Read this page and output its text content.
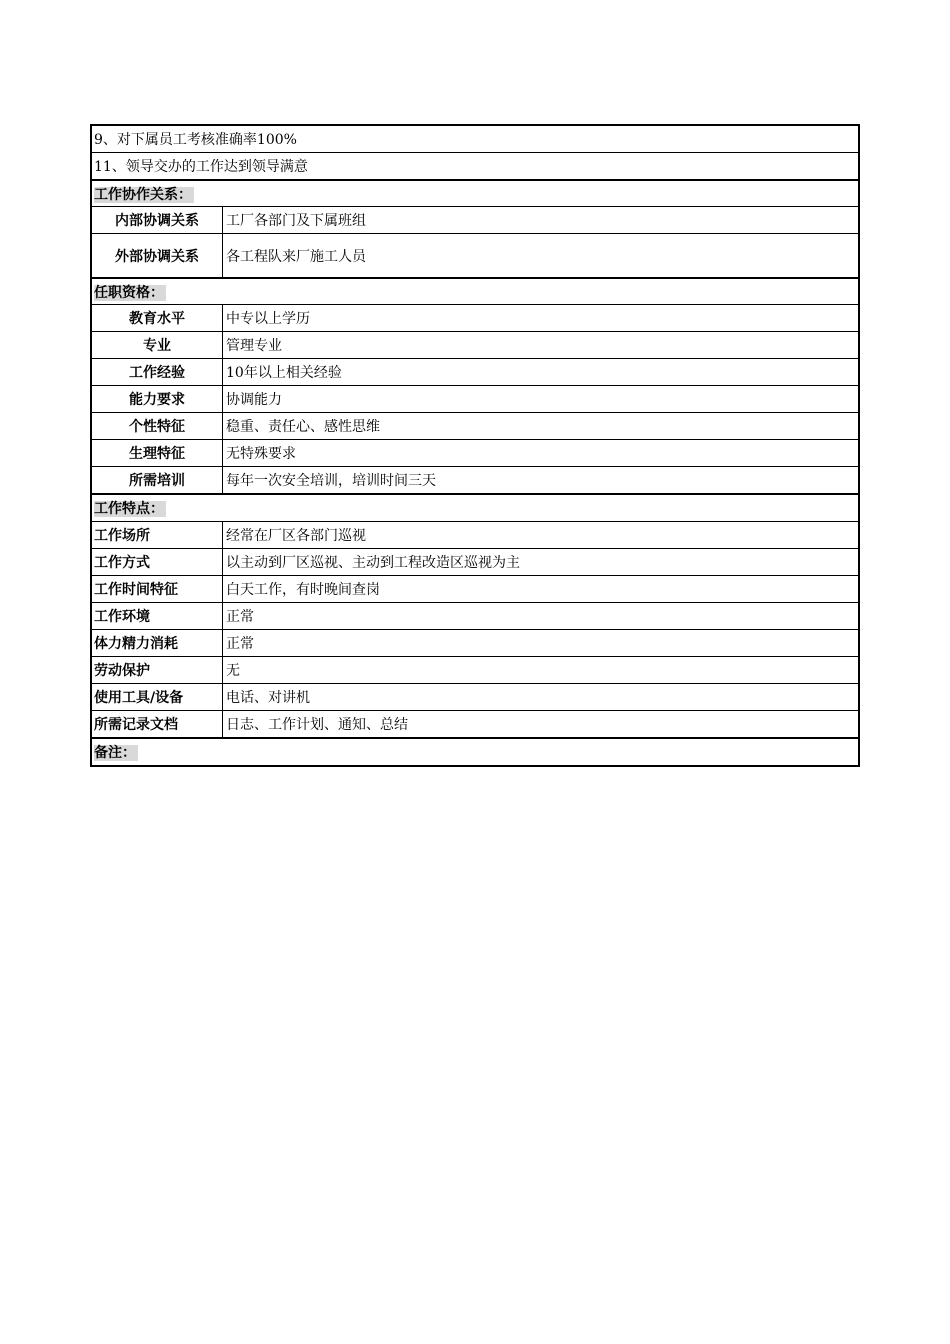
9、对下属员工考核准确率100%
11、领导交办的工作达到领导满意
工作协作关系：
内部协调关系	工厂各部门及下属班组
外部协调关系	各工程队来厂施工人员
任职资格：
教育水平	中专以上学历
专业	管理专业
工作经验	10年以上相关经验
能力要求	协调能力
个性特征	稳重、责任心、感性思维
生理特征	无特殊要求
所需培训	每年一次安全培训，培训时间三天
工作特点：
工作场所	经常在厂区各部门巡视
工作方式	以主动到厂区巡视、主动到工程改造区巡视为主
工作时间特征	白天工作，有时晚间查岗
工作环境	正常
体力精力消耗	正常
劳动保护	无
使用工具/设备	电话、对讲机
所需记录文档	日志、工作计划、通知、总结
备注：
